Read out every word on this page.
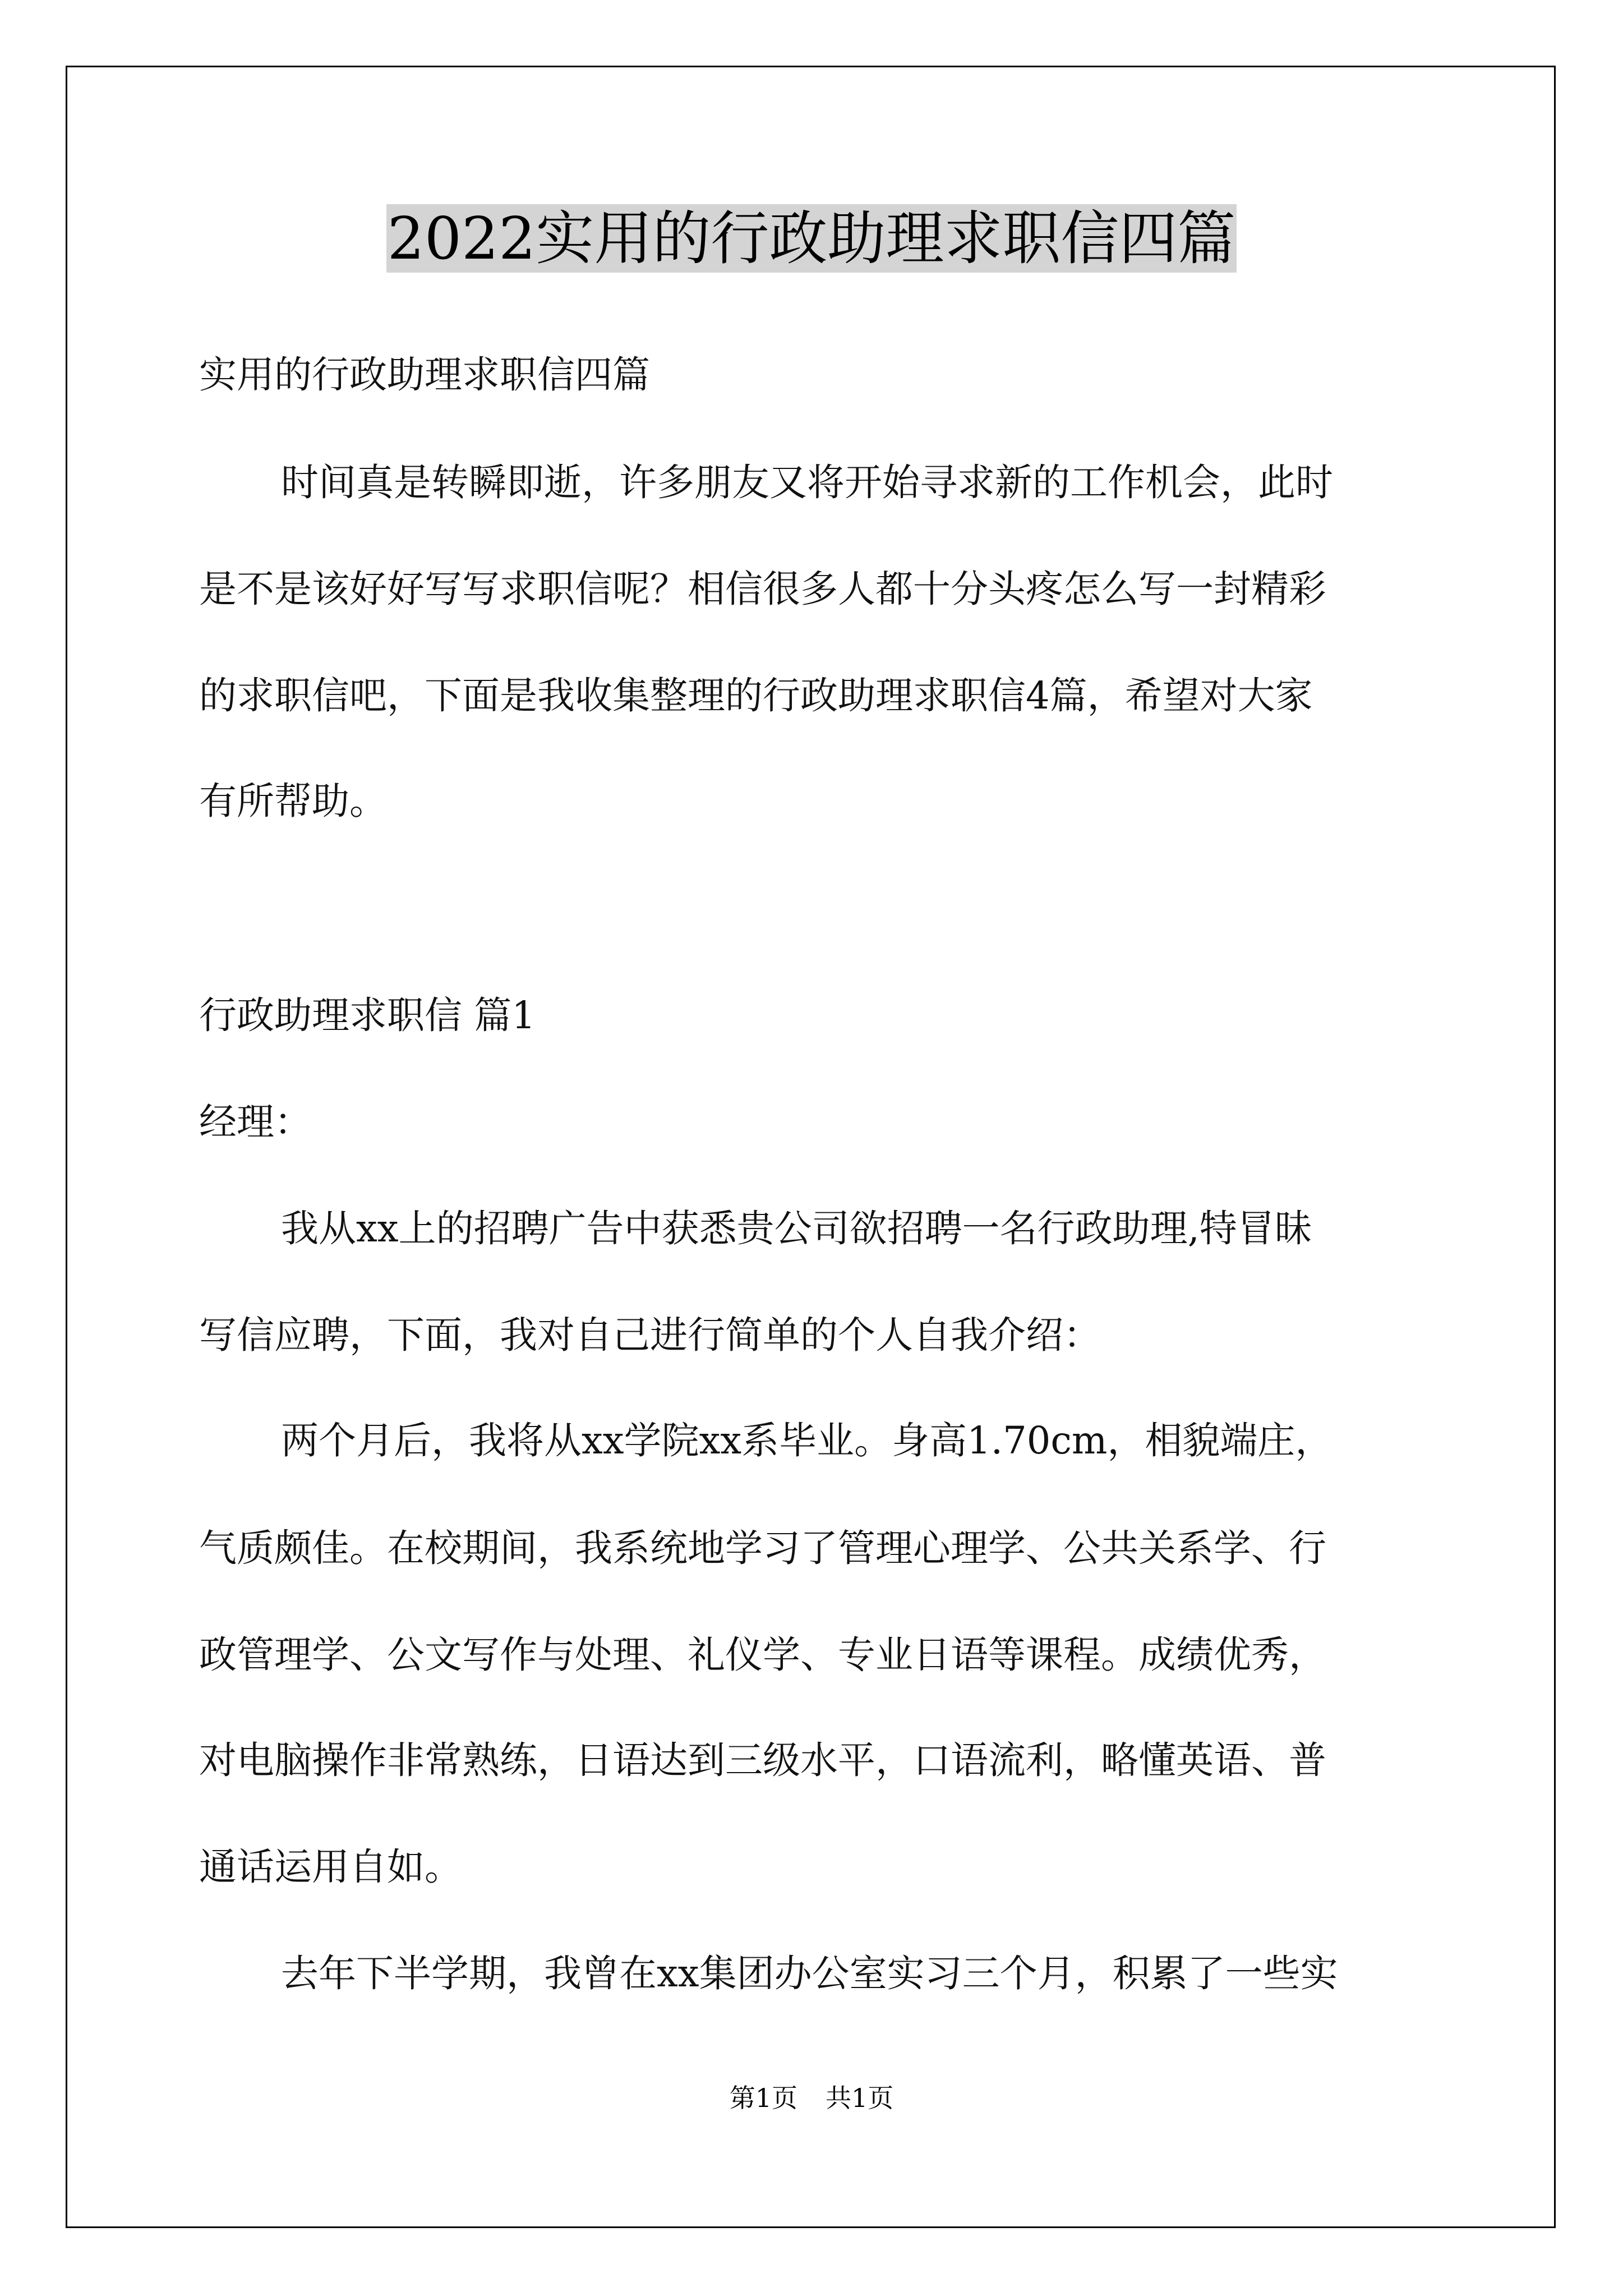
2022实用的行政助理求职信四篇
实用的行政助理求职信四篇
时间真是转瞬即逝，许多朋友又将开始寻求新的工作机会，此时
是不是该好好写写求职信呢？相信很多人都十分头疼怎么写一封精彩
的求职信吧，下面是我收集整理的行政助理求职信4篇，希望对大家
有所帮助。
行政助理求职信 篇1
经理：
我从xx上的招聘广告中获悉贵公司欲招聘一名行政助理,特冒昧
写信应聘，下面，我对自己进行简单的个人自我介绍：
两个月后，我将从xx学院xx系毕业。身高1.70cm，相貌端庄，
气质颇佳。在校期间，我系统地学习了管理心理学、公共关系学、行
政管理学、公文写作与处理、礼仪学、专业日语等课程。成绩优秀，
对电脑操作非常熟练，日语达到三级水平，口语流利，略懂英语、普
通话运用自如。
去年下半学期，我曾在xx集团办公室实习三个月，积累了一些实
第1页 共1页
